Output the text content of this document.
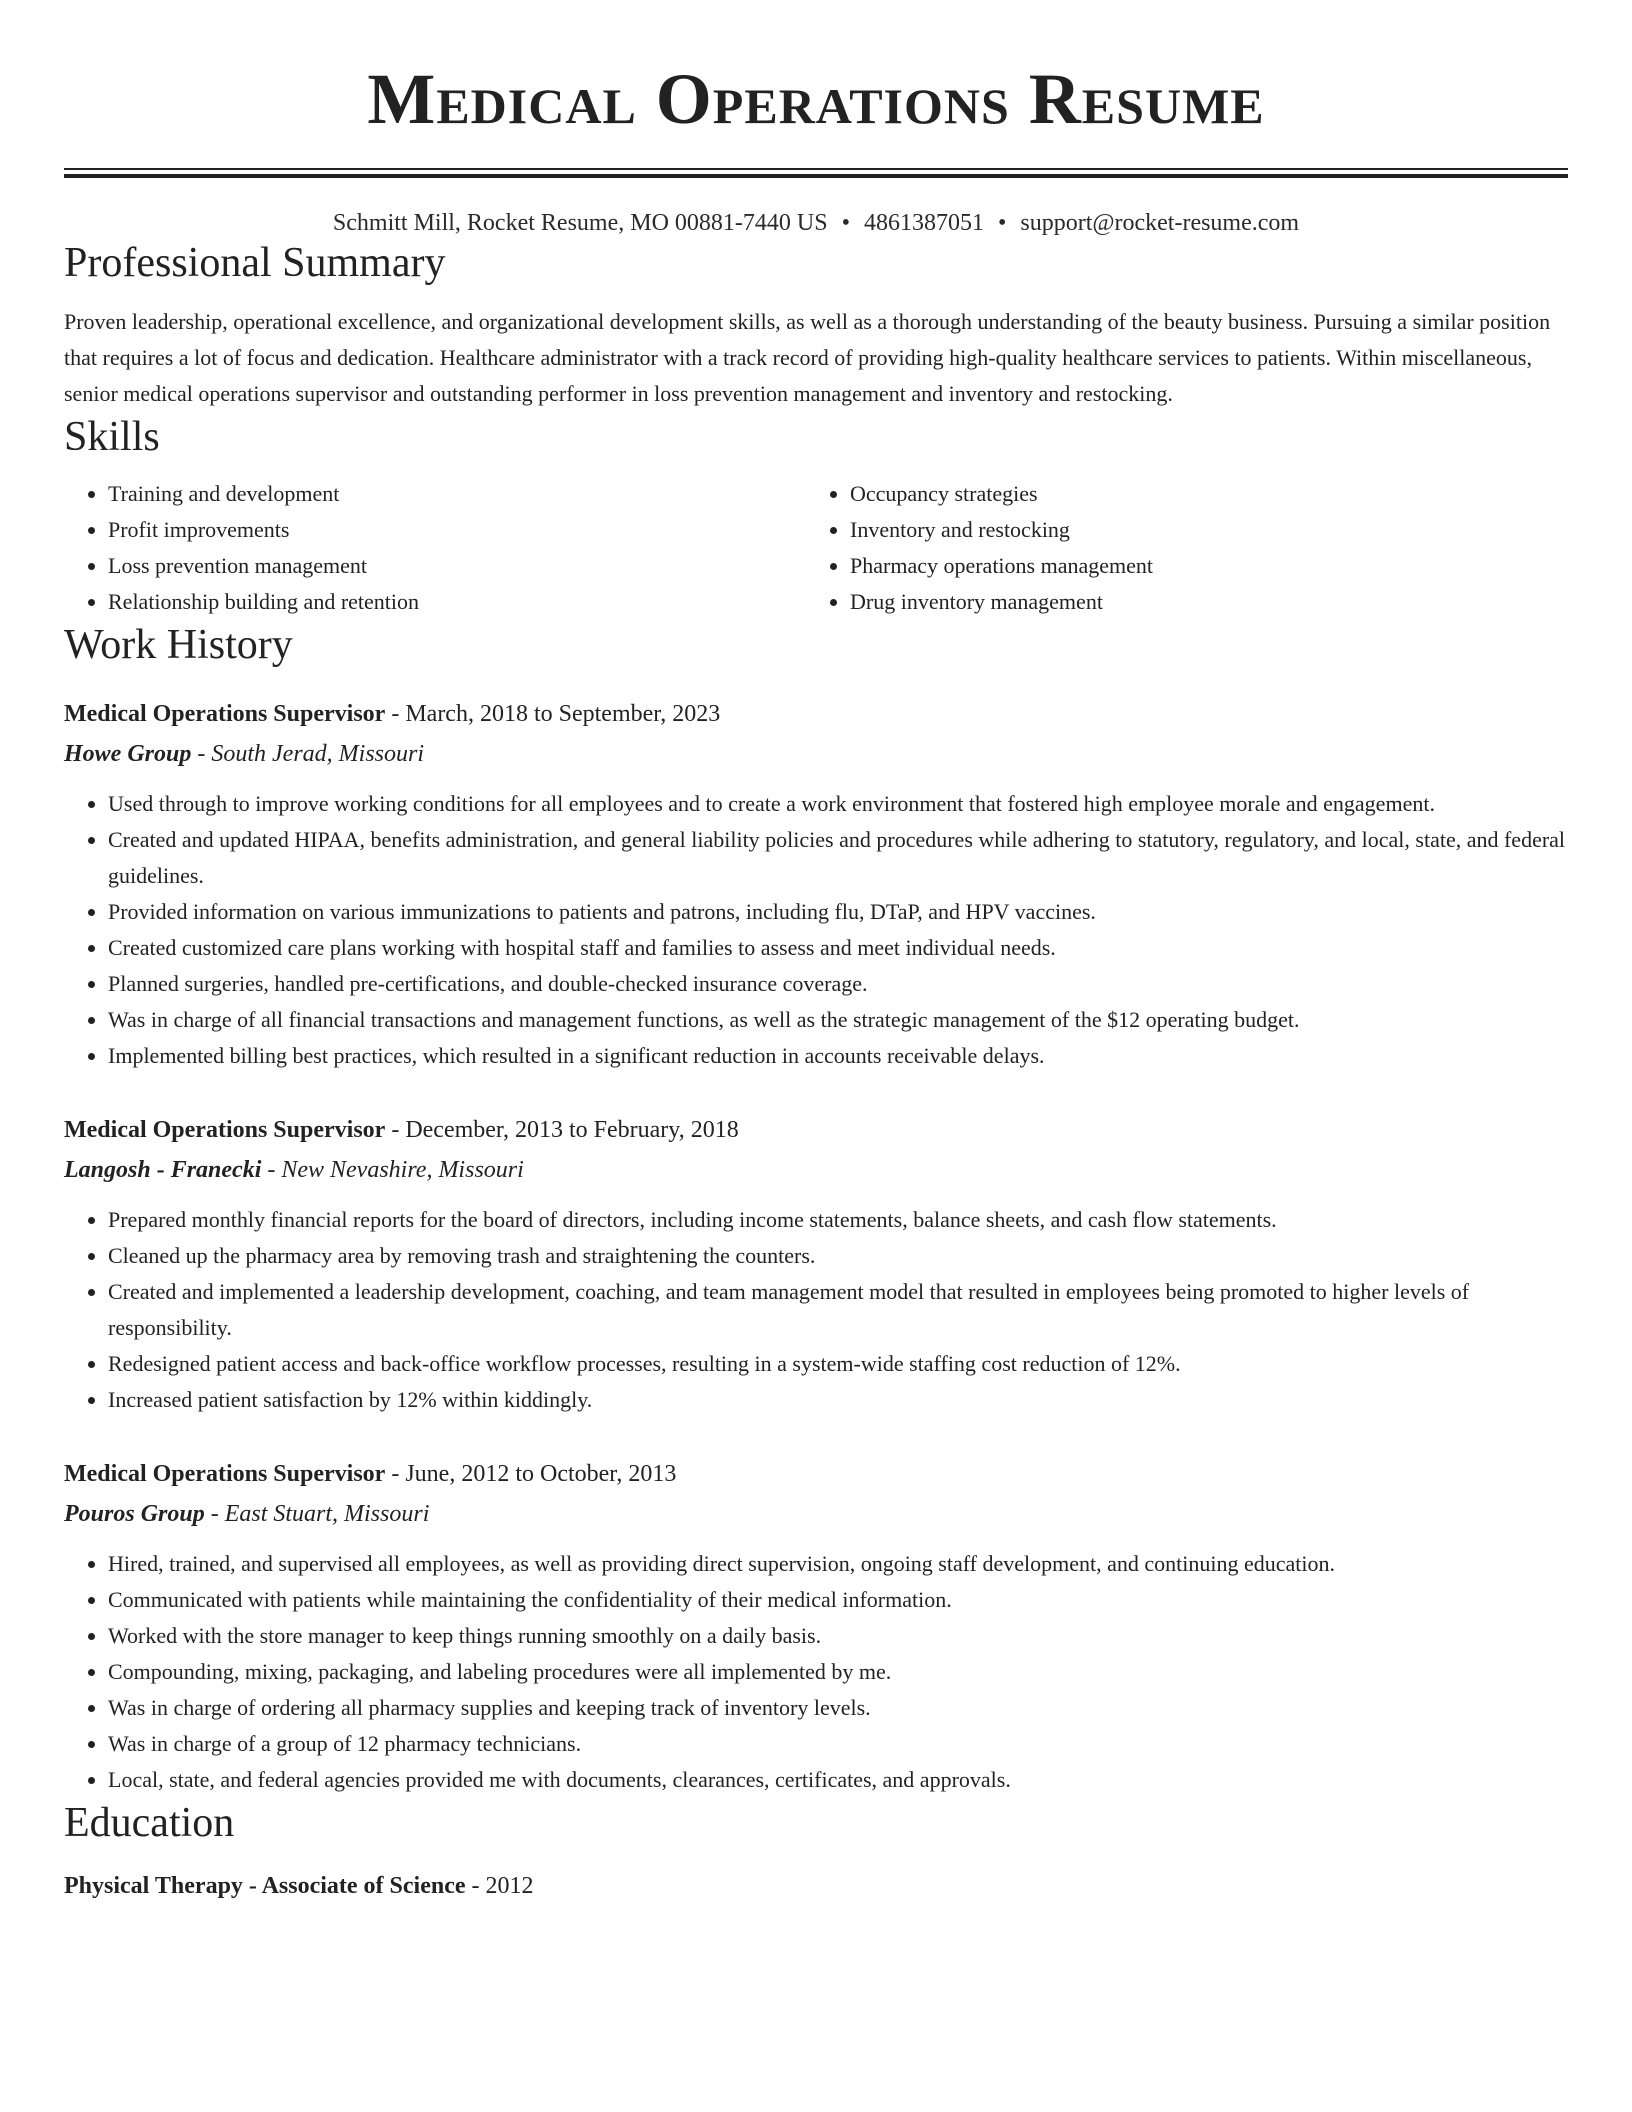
Medical Operations Resume
Schmitt Mill, Rocket Resume, MO 00881-7440 US • 4861387051 • support@rocket-resume.com
Professional Summary

Proven leadership, operational excellence, and organizational development skills, as well as a thorough understanding of the beauty business. Pursuing a similar position that requires a lot of focus and dedication. Healthcare administrator with a track record of providing high-quality healthcare services to patients. Within miscellaneous, senior medical operations supervisor and outstanding performer in loss prevention management and inventory and restocking.

Skills
• Training and development
• Profit improvements
• Loss prevention management
• Relationship building and retention
• Occupancy strategies
• Inventory and restocking
• Pharmacy operations management
• Drug inventory management
Work History
Medical Operations Supervisor - March, 2018 to September, 2023
Howe Group - South Jerad, Missouri
• Used through to improve working conditions for all employees and to create a work environment that fostered high employee morale and engagement.
• Created and updated HIPAA, benefits administration, and general liability policies and procedures while adhering to statutory, regulatory, and local, state, and federal guidelines.
• Provided information on various immunizations to patients and patrons, including flu, DTaP, and HPV vaccines.
• Created customized care plans working with hospital staff and families to assess and meet individual needs.
• Planned surgeries, handled pre-certifications, and double-checked insurance coverage.
• Was in charge of all financial transactions and management functions, as well as the strategic management of the $12 operating budget.
• Implemented billing best practices, which resulted in a significant reduction in accounts receivable delays.
Medical Operations Supervisor - December, 2013 to February, 2018
Langosh - Franecki - New Nevashire, Missouri
• Prepared monthly financial reports for the board of directors, including income statements, balance sheets, and cash flow statements.
• Cleaned up the pharmacy area by removing trash and straightening the counters.
• Created and implemented a leadership development, coaching, and team management model that resulted in employees being promoted to higher levels of responsibility.
• Redesigned patient access and back-office workflow processes, resulting in a system-wide staffing cost reduction of 12%.
• Increased patient satisfaction by 12% within kiddingly.
Medical Operations Supervisor - June, 2012 to October, 2013
Pouros Group - East Stuart, Missouri
• Hired, trained, and supervised all employees, as well as providing direct supervision, ongoing staff development, and continuing education.
• Communicated with patients while maintaining the confidentiality of their medical information.
• Worked with the store manager to keep things running smoothly on a daily basis.
• Compounding, mixing, packaging, and labeling procedures were all implemented by me.
• Was in charge of ordering all pharmacy supplies and keeping track of inventory levels.
• Was in charge of a group of 12 pharmacy technicians.
• Local, state, and federal agencies provided me with documents, clearances, certificates, and approvals.
Education
Physical Therapy - Associate of Science - 2012
